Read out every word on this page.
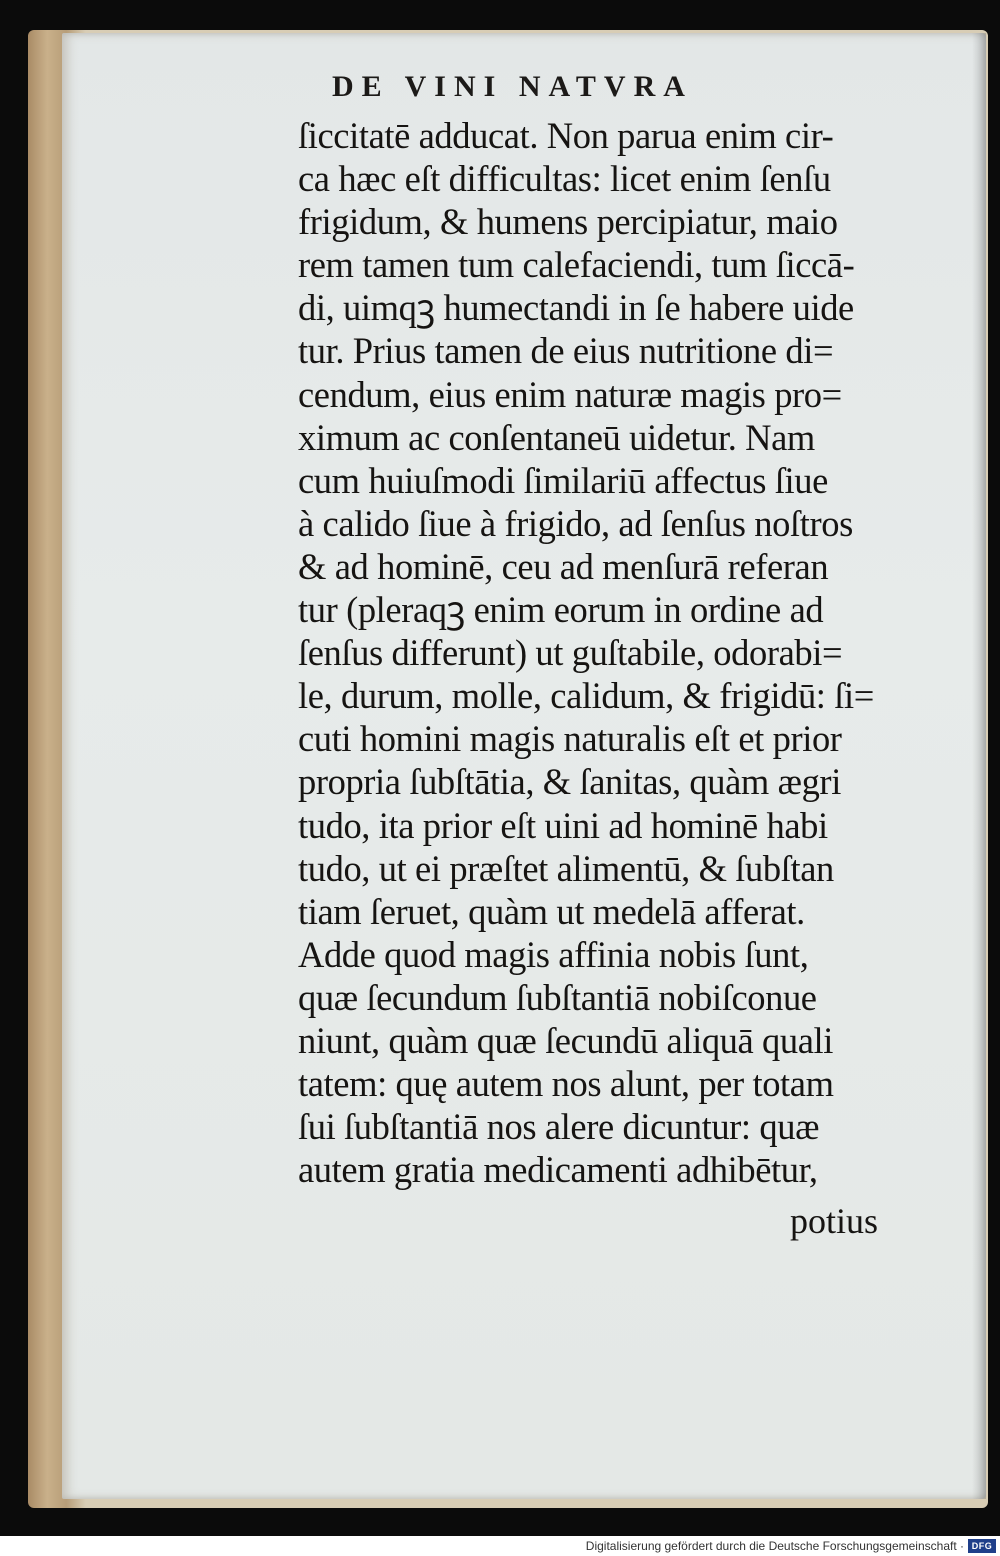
DE VINI NATVRA
ſiccitatē adducat. Non parua enim cir-
ca hæc eſt difficultas: licet enim ſenſu
frigidum, & humens percipiatur, maio
rem tamen tum calefaciendi, tum ſiccā-
di, uimqꝫ humectandi in ſe habere uide
tur. Prius tamen de eius nutritione di=
cendum, eius enim naturæ magis pro=
ximum ac conſentaneū uidetur. Nam
cum huiuſmodi ſimilariū affectus ſiue
à calido ſiue à frigido, ad ſenſus noſtros
& ad hominē, ceu ad menſurā referan
tur (pleraqꝫ enim eorum in ordine ad
ſenſus differunt) ut guſtabile, odorabi=
le, durum, molle, calidum, & frigidū: ſi=
cuti homini magis naturalis eſt et prior
propria ſubſtātia, & ſanitas, quàm ægri
tudo, ita prior eſt uini ad hominē habi
tudo, ut ei præſtet alimentū, & ſubſtan
tiam ſeruet, quàm ut medelā afferat.
Adde quod magis affinia nobis ſunt,
quæ ſecundum ſubſtantiā nobiſconue
niunt, quàm quæ ſecundū aliquā quali
tatem: quę autem nos alunt, per totam
ſui ſubſtantiā nos alere dicuntur: quæ
autem gratia medicamenti adhibētur,
potius
Digitalisierung gefördert durch die Deutsche Forschungsgemeinschaft · DFG
